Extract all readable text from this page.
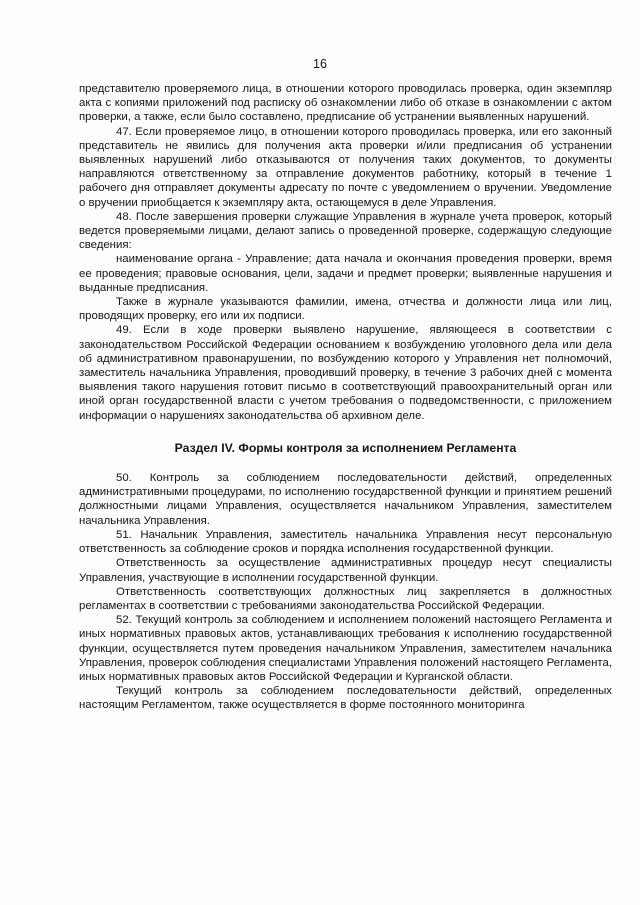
16

представителю проверяемого лица, в отношении которого проводилась проверка, один экземпляр акта с копиями приложений под расписку об ознакомлении либо об отказе в ознакомлении с актом проверки, а также, если было составлено, предписание об устранении выявленных нарушений.

47. Если проверяемое лицо, в отношении которого проводилась проверка, или его законный представитель не явились для получения акта проверки и/или предписания об устранении выявленных нарушений либо отказываются от получения таких документов, то документы направляются ответственному за отправление документов работнику, который в течение 1 рабочего дня отправляет документы адресату по почте с уведомлением о вручении. Уведомление о вручении приобщается к экземпляру акта, остающемуся в деле Управления.

48. После завершения проверки служащие Управления в журнале учета проверок, который ведется проверяемыми лицами, делают запись о проведенной проверке, содержащую следующие сведения:

наименование органа - Управление; дата начала и окончания проведения проверки, время ее проведения; правовые основания, цели, задачи и предмет проверки; выявленные нарушения и выданные предписания.

Также в журнале указываются фамилии, имена, отчества и должности лица или лиц, проводящих проверку, его или их подписи.

49. Если в ходе проверки выявлено нарушение, являющееся в соответствии с законодательством Российской Федерации основанием к возбуждению уголовного дела или дела об административном правонарушении, по возбуждению которого у Управления нет полномочий, заместитель начальника Управления, проводивший проверку, в течение 3 рабочих дней с момента выявления такого нарушения готовит письмо в соответствующий правоохранительный орган или иной орган государственной власти с учетом требования о подведомственности, с приложением информации о нарушениях законодательства об архивном деле.

Раздел IV. Формы контроля за исполнением Регламента

50. Контроль за соблюдением последовательности действий, определенных административными процедурами, по исполнению государственной функции и принятием решений должностными лицами Управления, осуществляется начальником Управления, заместителем начальника Управления.

51. Начальник Управления, заместитель начальника Управления несут персональную ответственность за соблюдение сроков и порядка исполнения государственной функции.

Ответственность за осуществление административных процедур несут специалисты Управления, участвующие в исполнении государственной функции.

Ответственность соответствующих должностных лиц закрепляется в должностных регламентах в соответствии с требованиями законодательства Российской Федерации.

52. Текущий контроль за соблюдением и исполнением положений настоящего Регламента и иных нормативных правовых актов, устанавливающих требования к исполнению государственной функции, осуществляется путем проведения начальником Управления, заместителем начальника Управления, проверок соблюдения специалистами Управления положений настоящего Регламента, иных нормативных правовых актов Российской Федерации и Курганской области.

Текущий контроль за соблюдением последовательности действий, определенных настоящим Регламентом, также осуществляется в форме постоянного мониторинга
